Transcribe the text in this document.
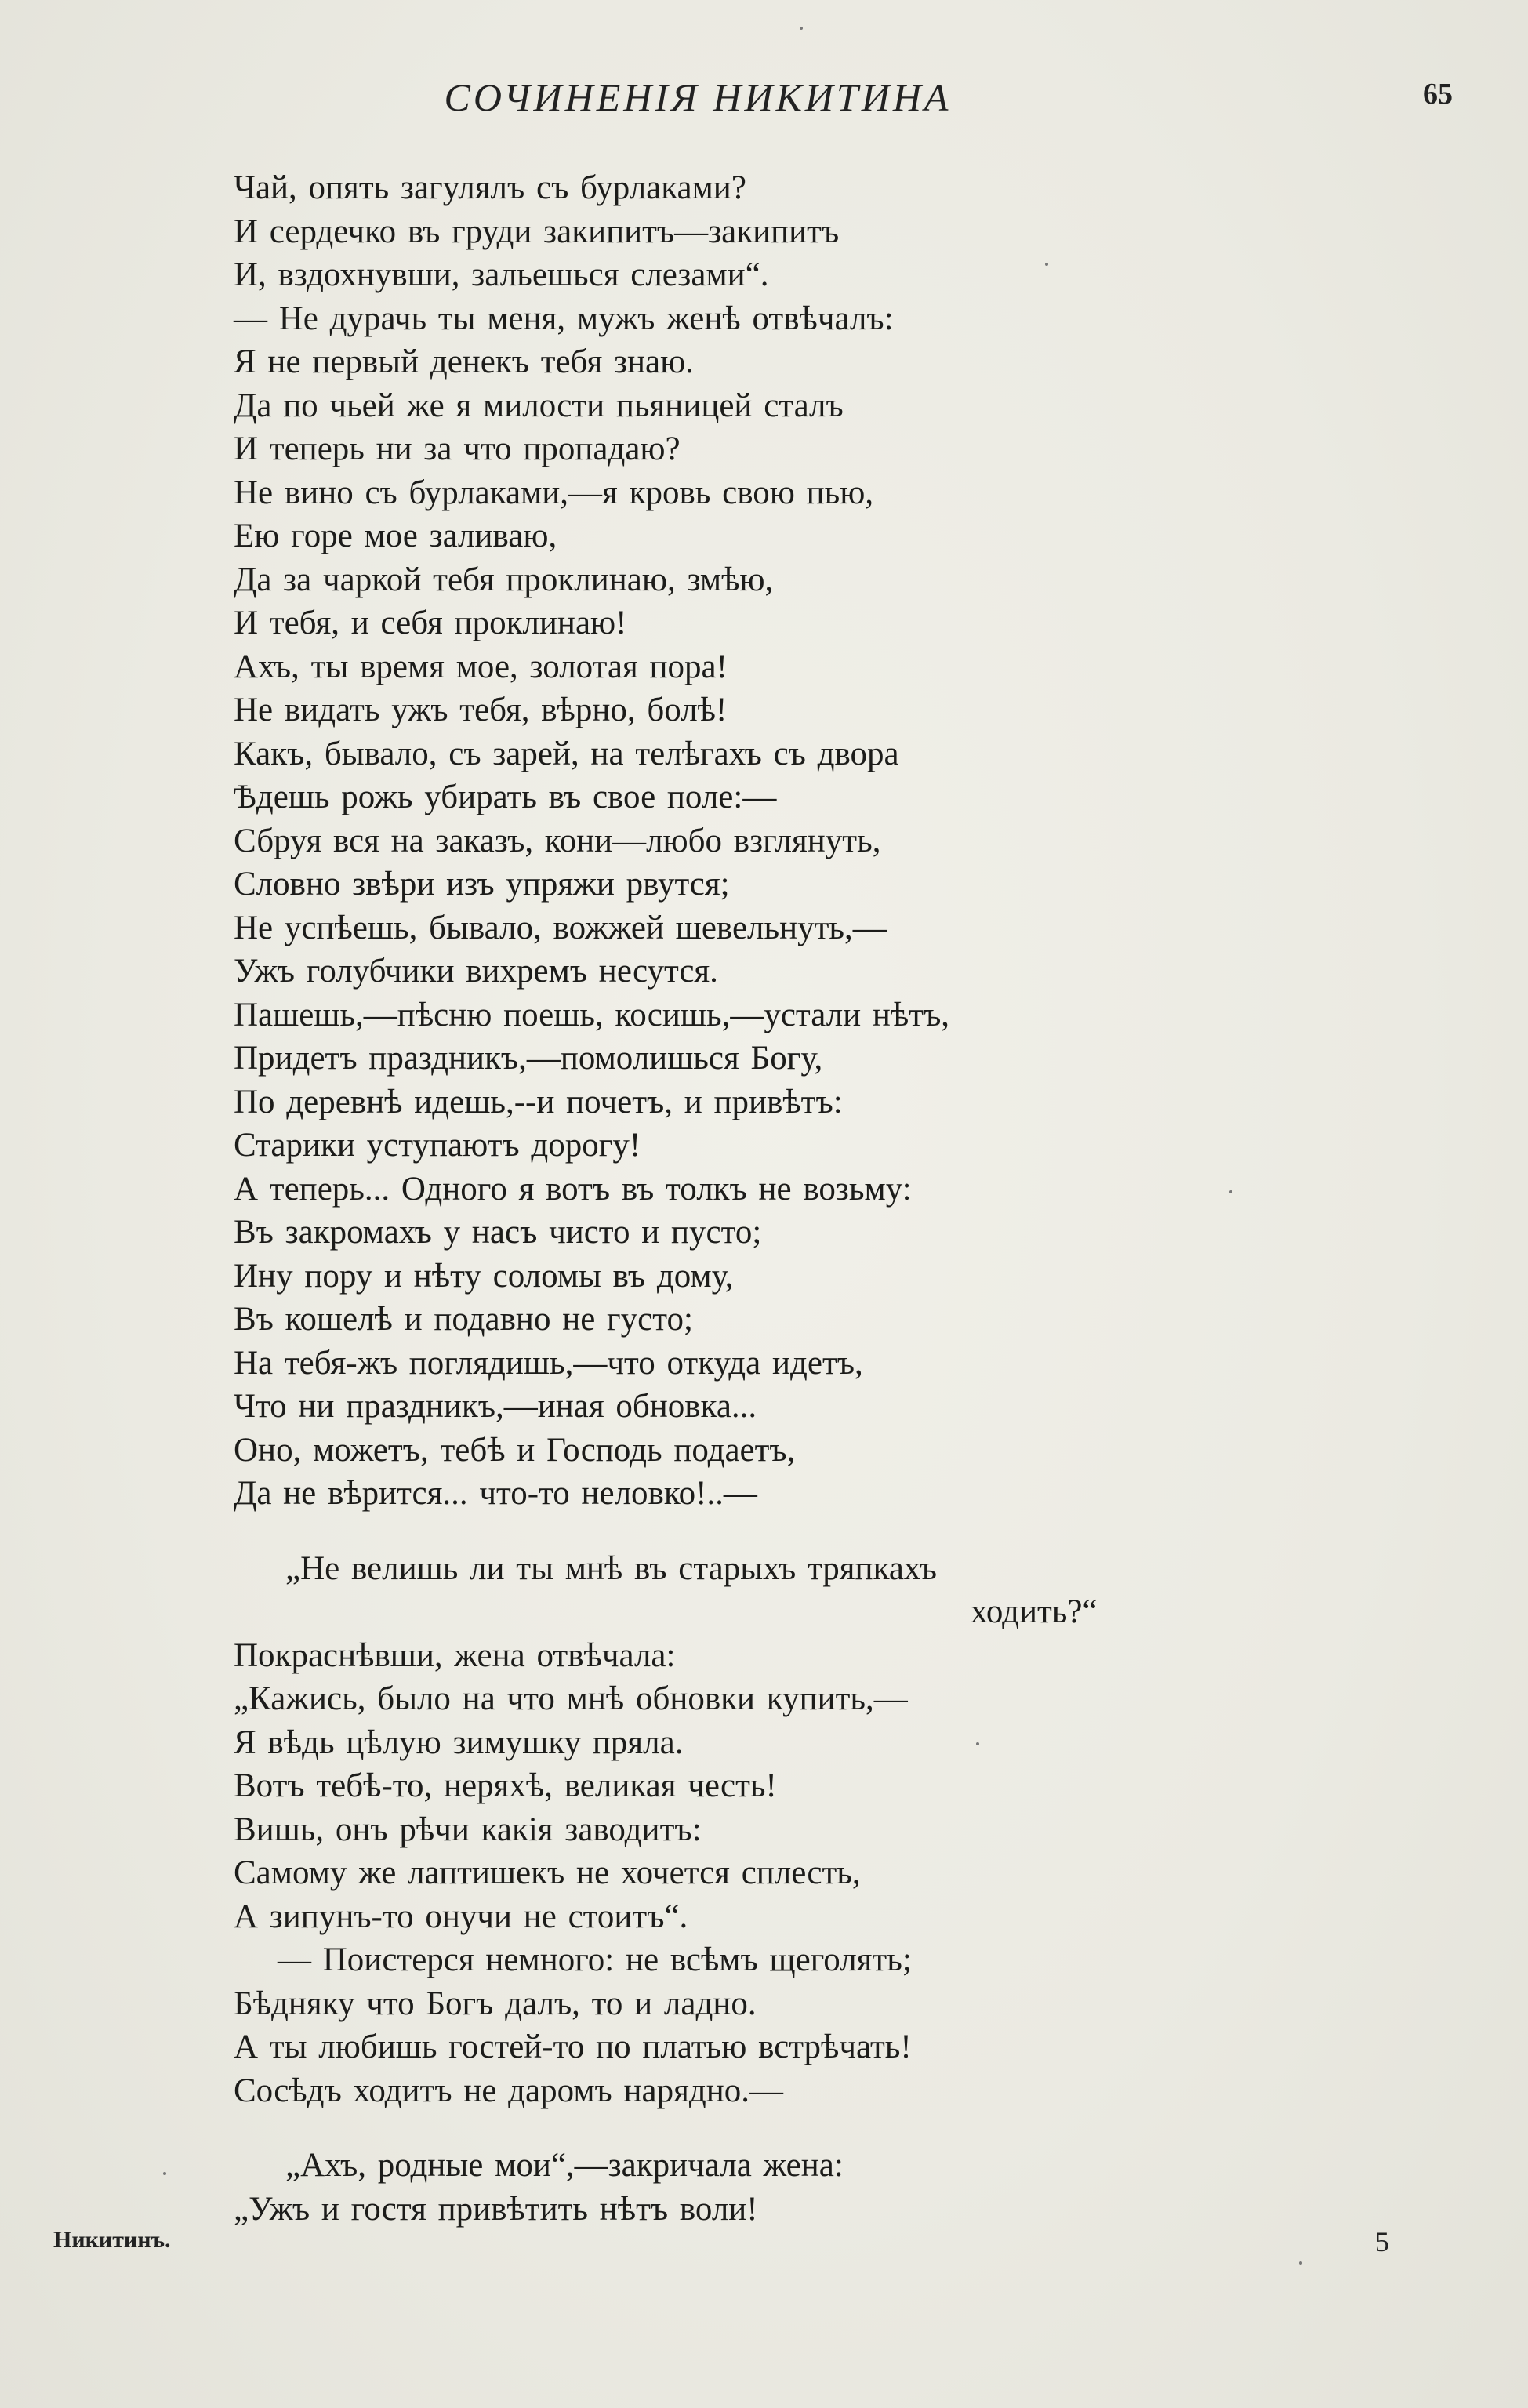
СОЧИНЕНІЯ НИКИТИНА	65
Чай, опять загулялъ съ бурлаками?
И сердечко въ груди закипитъ—закипитъ
И, вздохнувши, зальешься слезами“.
— Не дурачь ты меня, мужъ женѣ отвѣчалъ:
Я не первый денекъ тебя знаю.
Да по чьей же я милости пьяницей сталъ
И теперь ни за что пропадаю?
Не вино съ бурлаками,—я кровь свою пью,
Ею горе мое заливаю,
Да за чаркой тебя проклинаю, змѣю,
И тебя, и себя проклинаю!
Ахъ, ты время мое, золотая пора!
Не видать ужъ тебя, вѣрно, болѣ!
Какъ, бывало, съ зарей, на телѣгахъ съ двора
Ѣдешь рожь убирать въ свое поле:—
Сбруя вся на заказъ, кони—любо взглянуть,
Словно звѣри изъ упряжи рвутся;
Не успѣешь, бывало, вожжей шевельнуть,—
Ужъ голубчики вихремъ несутся.
Пашешь,—пѣсню поешь, косишь,—устали нѣтъ,
Придетъ праздникъ,—помолишься Богу,
По деревнѣ идешь,--и почетъ, и привѣтъ:
Старики уступаютъ дорогу!
А теперь... Одного я вотъ въ толкъ не возьму:
Въ закромахъ у насъ чисто и пусто;
Ину пору и нѣту соломы въ дому,
Въ кошелѣ и подавно не густо;
На тебя-жъ поглядишь,—что откуда идетъ,
Что ни праздникъ,—иная обновка...
Оно, можетъ, тебѣ и Господь подаетъ,
Да не вѣрится... что-то неловко!..—
„Не велишь ли ты мнѣ въ старыхъ тряпкахъ
ходить?“
Покраснѣвши, жена отвѣчала:
„Кажись, было на что мнѣ обновки купить,—
Я вѣдь цѣлую зимушку пряла.
Вотъ тебѣ-то, неряхѣ, великая честь!
Вишь, онъ рѣчи какія заводитъ:
Самому же лаптишекъ не хочется сплесть,
А зипунъ-то онучи не стоитъ“.
— Поистерся немного: не всѣмъ щеголять;
Бѣдняку что Богъ далъ, то и ладно.
А ты любишь гостей-то по платью встрѣчать!
Сосѣдъ ходитъ не даромъ нарядно.—
„Ахъ, родные мои“,—закричала жена:
„Ужъ и гостя привѣтить нѣтъ воли!
Никитинъ.	5
